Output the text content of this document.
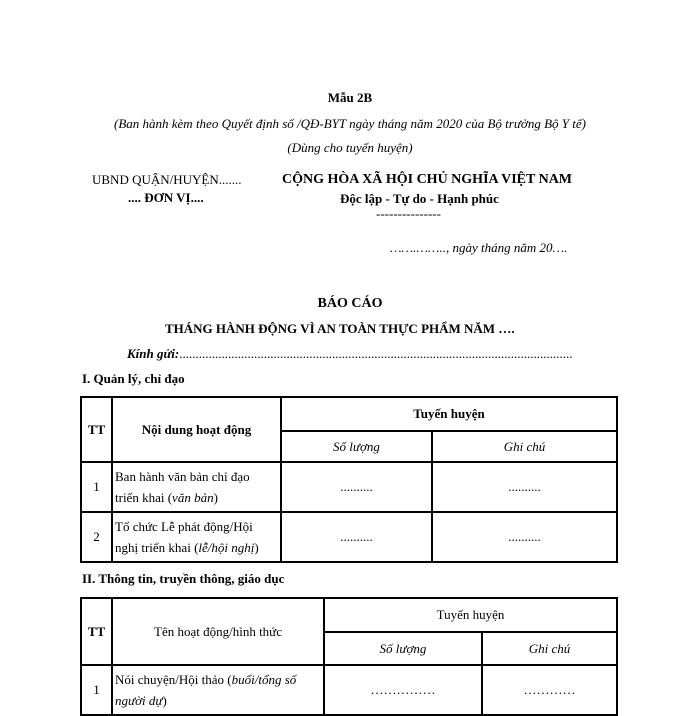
Mẫu 2B
(Ban hành kèm theo Quyết định số /QĐ-BYT ngày tháng năm 2020 của Bộ trưởng Bộ Y tế)
(Dùng cho tuyến huyện)
UBND QUẬN/HUYỆN.......
.... ĐƠN VỊ....
CỘNG HÒA XÃ HỘI CHỦ NGHĨA VIỆT NAM
Độc lập - Tự do - Hạnh phúc
---------------
…….…….., ngày tháng năm 20….
BÁO CÁO
THÁNG HÀNH ĐỘNG VÌ AN TOÀN THỰC PHẨM NĂM ….
Kính gửi:.........................................................................................................................
I. Quản lý, chỉ đạo
TT	Nội dung hoạt động	Tuyến huyện	
		Số lượng	Ghi chú
1	Ban hành văn bản chỉ đạo
triển khai (văn bản)	..........	..........
2	Tổ chức Lễ phát động/Hội
nghị triển khai (lễ/hội nghị)	..........	..........
II. Thông tin, truyền thông, giáo dục
TT	Tên hoạt động/hình thức	Tuyến huyện	
		Số lượng	Ghi chú
1	Nói chuyện/Hội thảo (buổi/tổng số
người dự)	……………	…………
